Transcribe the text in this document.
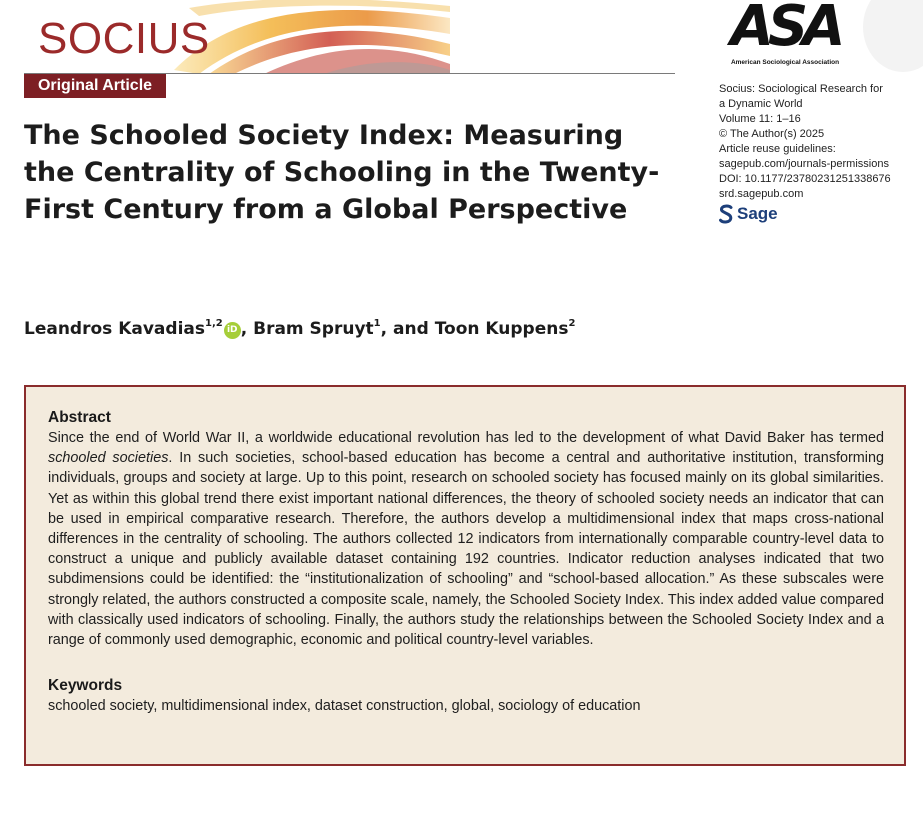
SOCIUS
Original Article
The Schooled Society Index: Measuring the Centrality of Schooling in the Twenty-First Century from a Global Perspective
Leandros Kavadias$^{1,2}$iD , Bram Spruyt$^1$, and Toon Kuppens$^2$
ASA
American Sociological Association
Socius: Sociological Research for
a Dynamic World
Volume 11: 1–16
© The Author(s) 2025
Article reuse guidelines:
sagepub.com/journals-permissions
DOI: 10.1177/23780231251338676
srd.sagepub.com
Sage
Abstract

Since the end of World War II, a worldwide educational revolution has led to the development of what David Baker has termed schooled societies. In such societies, school-based education has become a central and authoritative institution, transforming individuals, groups and society at large. Up to this point, research on schooled society has focused mainly on its global similarities. Yet as within this global trend there exist important national differences, the theory of schooled society needs an indicator that can be used in empirical comparative research. Therefore, the authors develop a multidimensional index that maps cross-national differences in the centrality of schooling. The authors collected 12 indicators from internationally comparable country-level data to construct a unique and publicly available dataset containing 192 countries. Indicator reduction analyses indicated that two subdimensions could be identified: the “institutionalization of schooling” and “school-based allocation.” As these subscales were strongly related, the authors constructed a composite scale, namely, the Schooled Society Index. This index added value compared with classically used indicators of schooling. Finally, the authors study the relationships between the Schooled Society Index and a range of commonly used demographic, economic and political country-level variables.

Keywords
schooled society, multidimensional index, dataset construction, global, sociology of education
